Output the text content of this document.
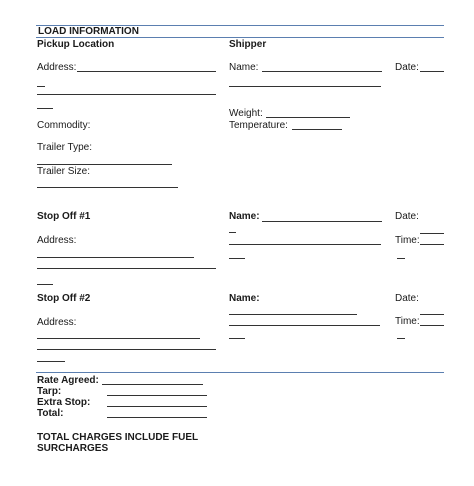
LOAD INFORMATION
Pickup Location
Address:
Commodity:
Trailer Type:
Trailer Size:
Shipper
Name:	Date:
Weight:
Temperature:
Stop Off #1
Address:
Name:	Date:
Time:
Stop Off #2
Address:
Name:	Date:
Time:
Rate Agreed:
Tarp:
Extra Stop:
Total:
TOTAL CHARGES INCLUDE FUEL
SURCHARGES
